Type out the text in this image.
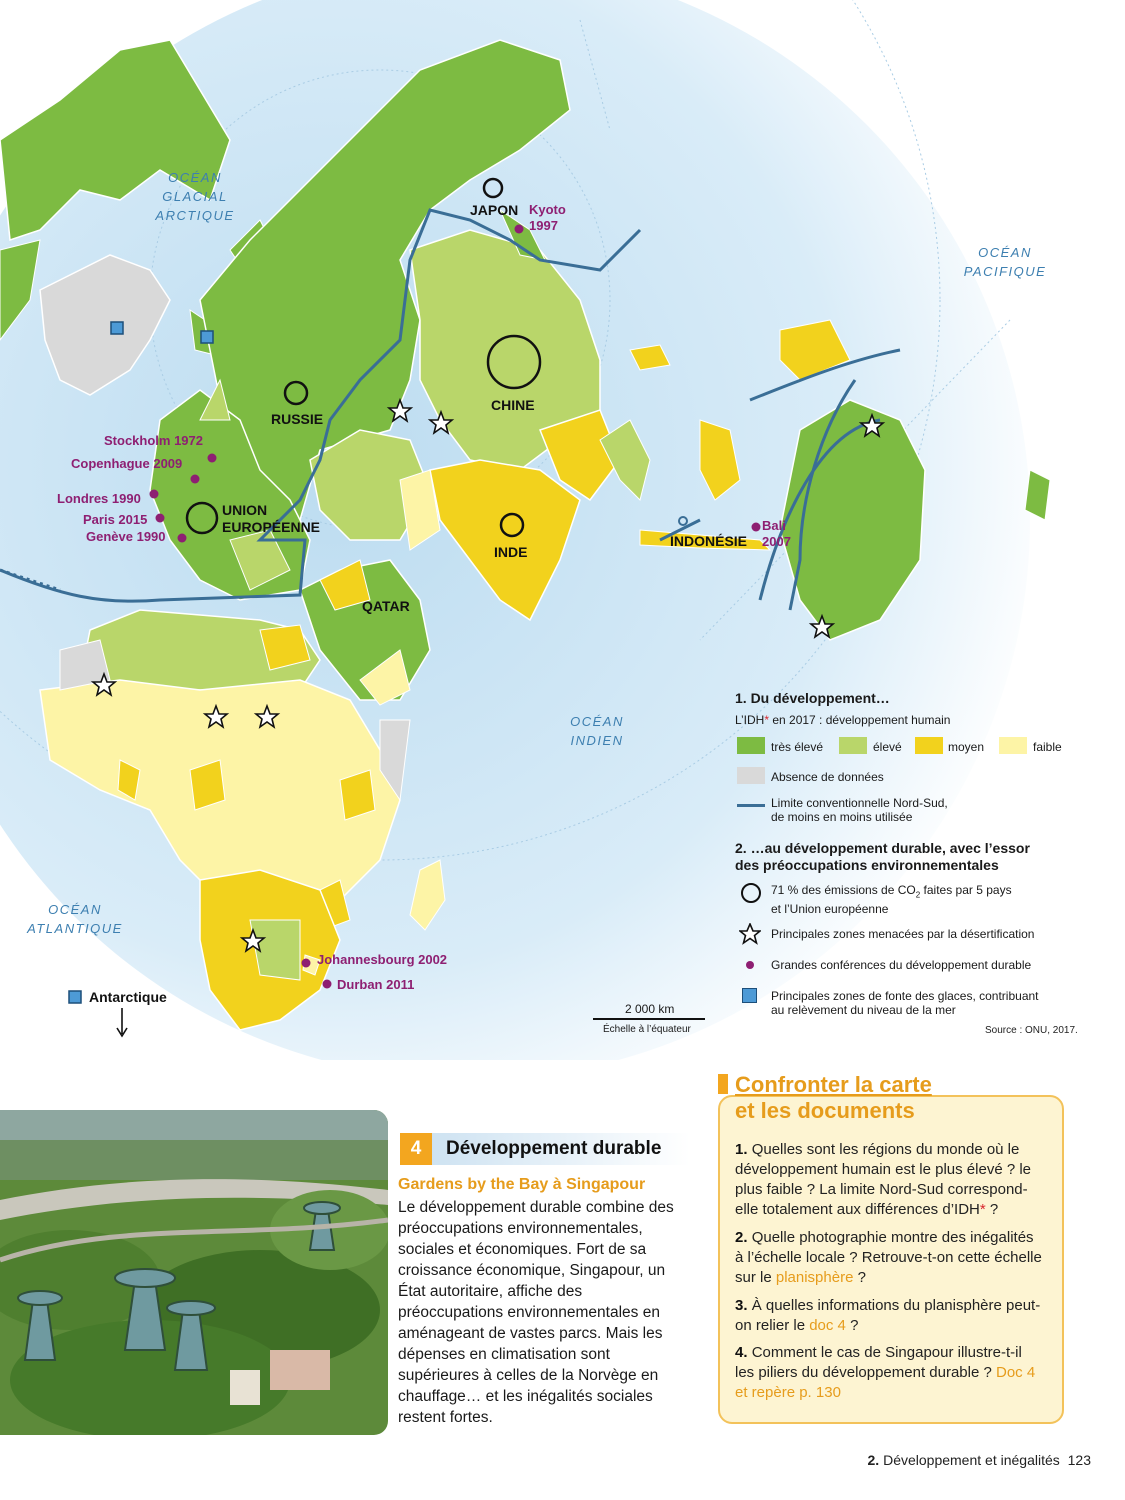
OCÉAN
GLACIAL
ARCTIQUE
OCÉAN
PACIFIQUE
OCÉAN
INDIEN
OCÉAN
ATLANTIQUE
JAPON
RUSSIE
CHINE
UNION
EUROPÉENNE
INDE
INDONÉSIE
QATAR
Antarctique
Kyoto
1997
Stockholm 1972
Copenhague 2009
Londres 1990
Paris 2015
Genève 1990
Bali
2007
Johannesbourg 2002
Durban 2011
1. Du développement…
L’IDH* en 2017 : développement humain
très élevé	élevé	moyen	faible
Absence de données
Limite conventionnelle Nord-Sud,
de moins en moins utilisée
2. …au développement durable, avec l’essor
des préoccupations environnementales
71 % des émissions de $CO_2$ faites par 5 pays
et l’Union européenne
Principales zones menacées par la désertification
Grandes conférences du développement durable
Principales zones de fonte des glaces, contribuant
au relèvement du niveau de la mer
Source : ONU, 2017.
2 000 km
Échelle à l’équateur
4	Développement durable
Gardens by the Bay à Singapour
Le développement durable combine des préoccupations environnementales, sociales et économiques. Fort de sa croissance économique, Singapour, un État autoritaire, affiche des préoccupations environnementales en aménageant de vastes parcs. Mais les dépenses en climatisation sont supérieures à celles de la Norvège en chauffage… et les inégalités sociales restent fortes.
Confronter la carte
et les documents
1. Quelles sont les régions du monde où le développement humain est le plus élevé ? le plus faible ? La limite Nord-Sud correspond-elle totalement aux différences d’IDH* ?
2. Quelle photographie montre des inégalités à l’échelle locale ? Retrouve-t-on cette échelle sur le planisphère ?
3. À quelles informations du planisphère peut-on relier le doc 4 ?
4. Comment le cas de Singapour illustre-t-il les piliers du développement durable ? Doc 4 et repère p. 130
2. Développement et inégalités 123
